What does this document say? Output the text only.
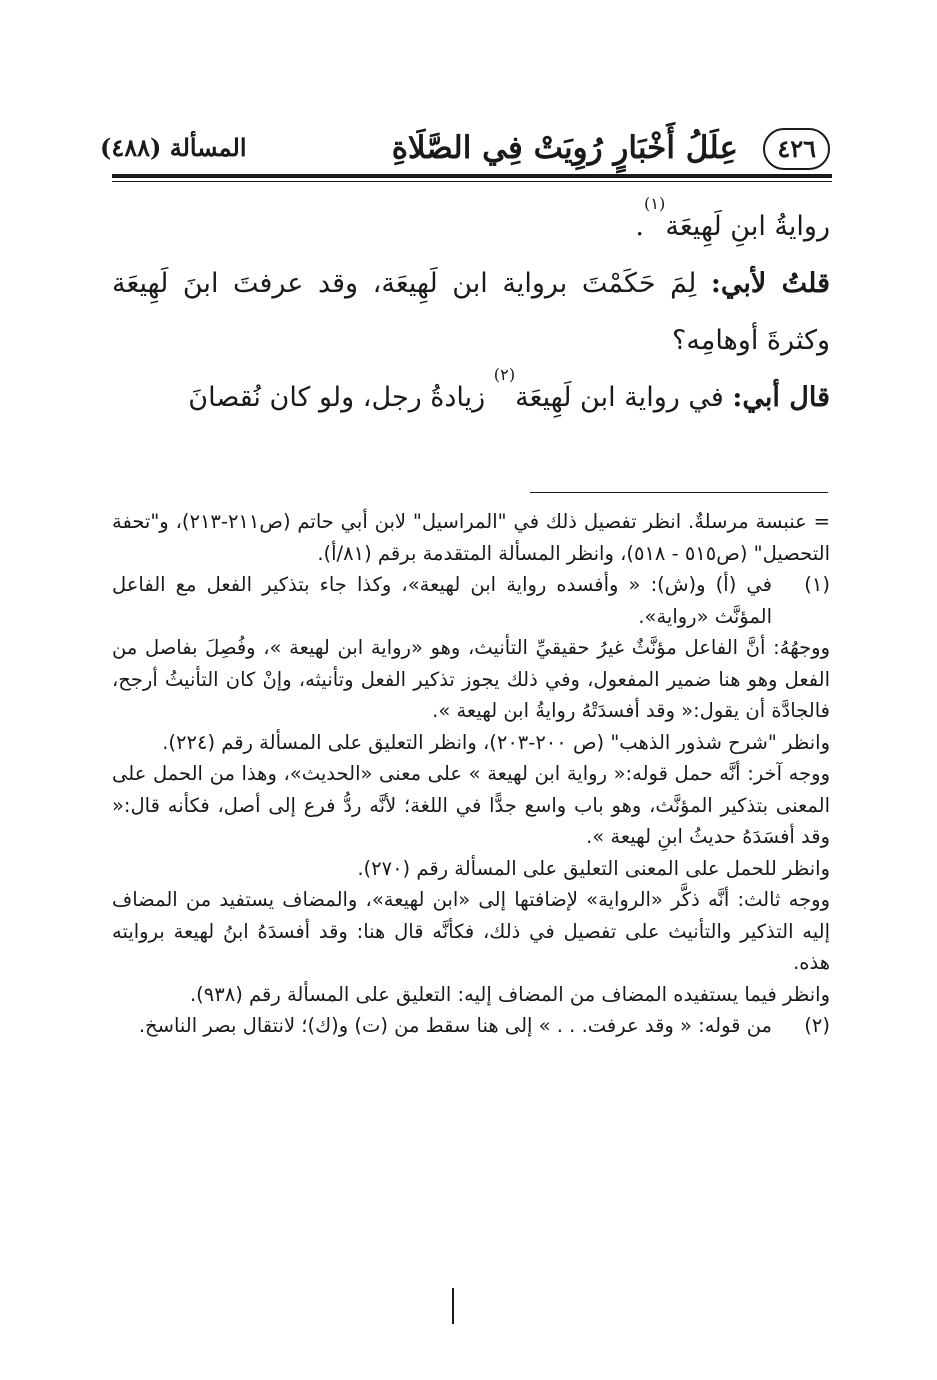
٤٢٦
عِلَلُ أَخْبَارٍ رُوِيَتْ فِي الصَّلَاةِ
المسألة (٤٨٨)

روايةُ ابنِ لَهِيعَة$^{(١)}$.

قلتُ لأبي: لِمَ حَكَمْتَ برواية ابن لَهِيعَة، وقد عرفتَ ابنَ لَهِيعَة وكثرةَ أوهامِه؟

قال أبي: في رواية ابن لَهِيعَة$^{(٢)}$ زيادةُ رجل، ولو كان نُقصانَ

= عنبسة مرسلةٌ. انظر تفصيل ذلك في "المراسيل" لابن أبي حاتم (ص٢١١-٢١٣)، و"تحفة التحصيل" (ص٥١٥ - ٥١٨)، وانظر المسألة المتقدمة برقم (٨١/أ).

(١)

في (أ) و(ش): « وأفسده رواية ابن لهيعة»، وكذا جاء بتذكير الفعل مع الفاعل المؤنَّث «رواية».

ووجهُهُ: أنَّ الفاعل مؤنَّثٌ غيرُ حقيقيِّ التأنيث، وهو «رواية ابن لهيعة »، وفُصِلَ بفاصل من الفعل وهو هنا ضمير المفعول، وفي ذلك يجوز تذكير الفعل وتأنيثه، وإنْ كان التأنيثُ أرجح، فالجادَّة أن يقول:« وقد أفسدَتْهُ روايةُ ابن لهيعة ».

وانظر "شرح شذور الذهب" (ص ٢٠٠-٢٠٣)، وانظر التعليق على المسألة رقم (٢٢٤).

ووجه آخر: أنَّه حمل قوله:« رواية ابن لهيعة » على معنى «الحديث»، وهذا من الحمل على المعنى بتذكير المؤنَّث، وهو باب واسع جدًّا في اللغة؛ لأنَّه ردُّ فرع إلى أصل، فكأنه قال:« وقد أفسَدَهُ حديثُ ابنِ لهيعة ».

وانظر للحمل على المعنى التعليق على المسألة رقم (٢٧٠).

ووجه ثالث: أنَّه ذكَّر «الرواية» لإضافتها إلى «ابن لهيعة»، والمضاف يستفيد من المضاف إليه التذكير والتأنيث على تفصيل في ذلك، فكأنَّه قال هنا: وقد أفسدَهُ ابنُ لهيعة بروايته هذه.

وانظر فيما يستفيده المضاف من المضاف إليه: التعليق على المسألة رقم (٩٣٨).

(٢)

من قوله: « وقد عرفت. . . » إلى هنا سقط من (ت) و(ك)؛ لانتقال بصر الناسخ.
